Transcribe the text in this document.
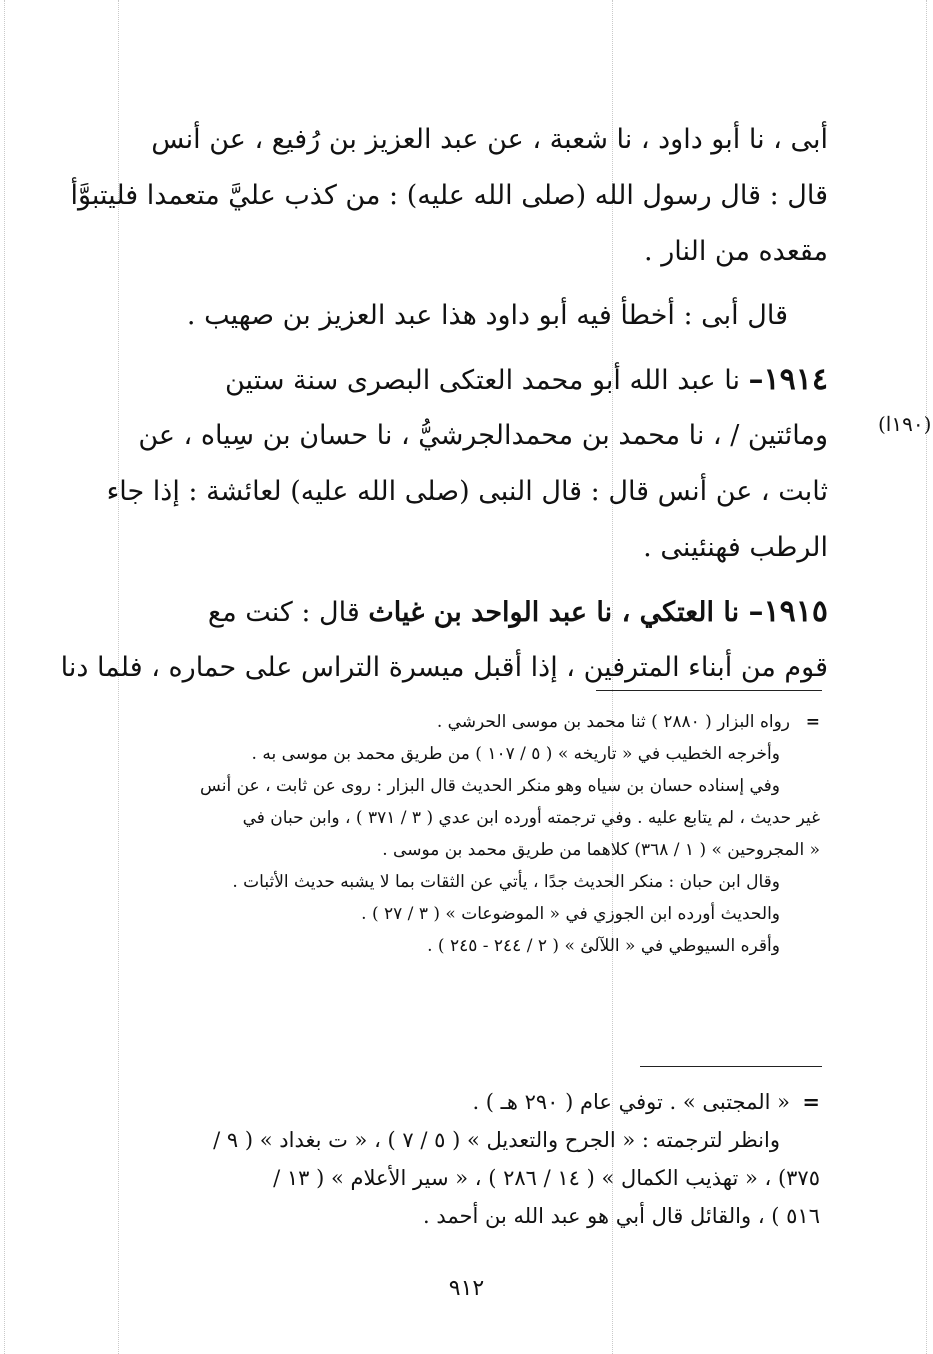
أبى ، نا أبو داود ، نا شعبة ، عن عبد العزيز بن رُفيع ، عن أنس
قال : قال رسول الله (صلى الله عليه) : من كذب عليَّ متعمدا فليتبوَّأ
مقعده من النار .
قال أبى : أخطأ فيه أبو داود هذا عبد العزيز بن صهيب .
١٩١٤– نا عبد الله أبو محمد العتكى البصرى سنة ستين
ومائتين / ، نا محمد بن محمدالجرشيُّ ، نا حسان بن سِياه ، عن
ثابت ، عن أنس قال : قال النبى (صلى الله عليه) لعائشة : إذا جاء
الرطب فهنئينى .
١٩١٥– نا العتكي ، نا عبد الواحد بن غياث قال : كنت مع
قوم من أبناء المترفين ، إذا أقبل ميسرة التراس على حماره ، فلما دنا
(١٩٠ا)
=رواه البزار ( ٢٨٨٠ ) ثنا محمد بن موسى الحرشي .
وأخرجه الخطيب في « تاريخه » ( ٥ / ١٠٧ ) من طريق محمد بن موسى به .
وفي إسناده حسان بن سياه وهو منكر الحديث قال البزار : روى عن ثابت ، عن أنس
غير حديث ، لم يتابع عليه . وفي ترجمته أورده ابن عدي ( ٣ / ٣٧١ ) ، وابن حبان في
« المجروحين » ( ١ / ٣٦٨) كلاهما من طريق محمد بن موسى .
وقال ابن حبان : منكر الحديث جدًا ، يأتي عن الثقات بما لا يشبه حديث الأثبات .
والحديث أورده ابن الجوزي في « الموضوعات » ( ٣ / ٢٧ ) .
وأقره السيوطي في « اللآلئ » ( ٢ / ٢٤٤ - ٢٤٥ ) .
=« المجتبى » . توفي عام ( ٢٩٠ هـ ) .
وانظر لترجمته : « الجرح والتعديل » ( ٥ / ٧ ) ، « ت بغداد » ( ٩ /
٣٧٥) ، « تهذيب الكمال » ( ١٤ / ٢٨٦ ) ، « سير الأعلام » ( ١٣ /
٥١٦ ) ، والقائل قال أبي هو عبد الله بن أحمد .
٩١٢
